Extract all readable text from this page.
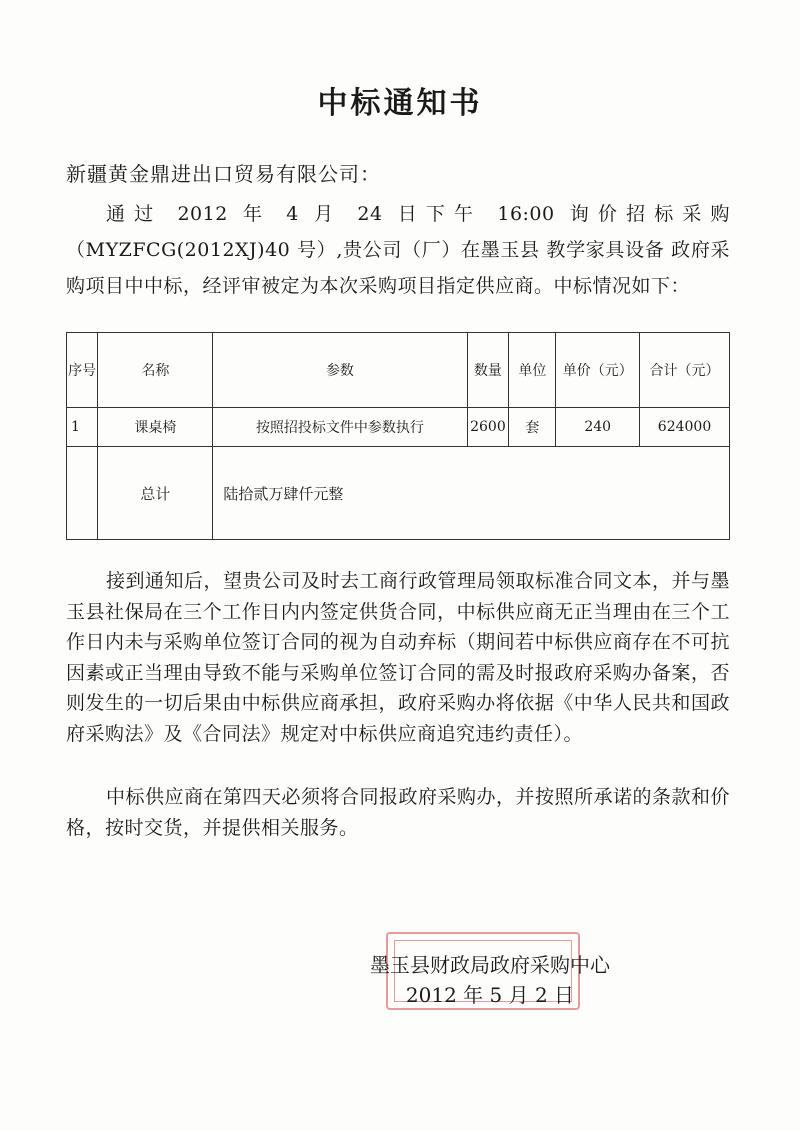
中标通知书
新疆黄金鼎进出口贸易有限公司：
通过 2012 年 4 月 24 日下午 16:00 询价招标采购（MYZFCG(2012XJ)40 号）,贵公司（厂）在墨玉县 教学家具设备 政府采购项目中中标，经评审被定为本次采购项目指定供应商。中标情况如下：
序号	名称	参数	数量	单位	单价（元）	合计（元）
1	课桌椅	按照招投标文件中参数执行	2600	套	240	624000
	总计	陆拾贰万肆仟元整				
接到通知后，望贵公司及时去工商行政管理局领取标准合同文本，并与墨玉县社保局在三个工作日内内签定供货合同，中标供应商无正当理由在三个工作日内未与采购单位签订合同的视为自动弃标（期间若中标供应商存在不可抗因素或正当理由导致不能与采购单位签订合同的需及时报政府采购办备案，否则发生的一切后果由中标供应商承担，政府采购办将依据《中华人民共和国政府采购法》及《合同法》规定对中标供应商追究违约责任）。
中标供应商在第四天必须将合同报政府采购办，并按照所承诺的条款和价格，按时交货，并提供相关服务。
墨玉县财政局政府采购中心
2012 年 5 月 2 日
